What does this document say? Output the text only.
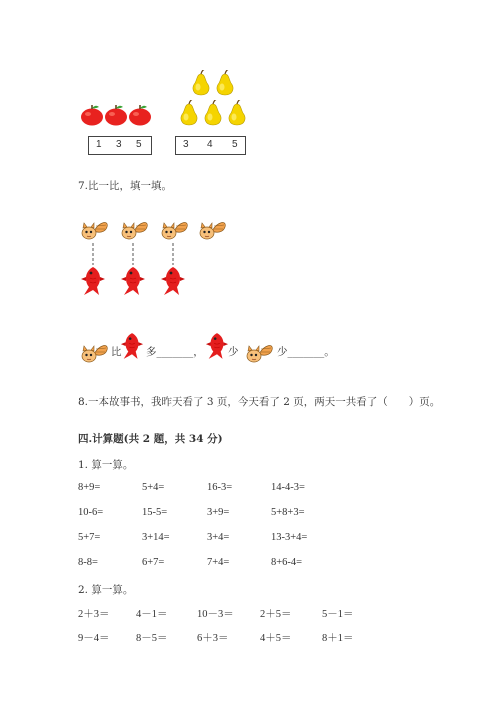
1 3 5	3 4 5
7.比一比，填一填。
比 多_______， 少	少_______。
8.一本故事书，我昨天看了 3 页，今天看了 2 页，两天一共看了（　　）页。
四.计算题(共 2 题，共 34 分)
1. 算一算。
8+9=	5+4=	16-3=	14-4-3=
10-6=	15-5=	3+9=	5+8+3=
5+7=	3+14=	3+4=	13-3+4=
8-8=	6+7=	7+4=	8+6-4=
2. 算一算。
2＋3＝	4－1＝	10－3＝	2＋5＝	5－1＝
9－4＝	8－5＝	6＋3＝	4＋5＝	8＋1＝
